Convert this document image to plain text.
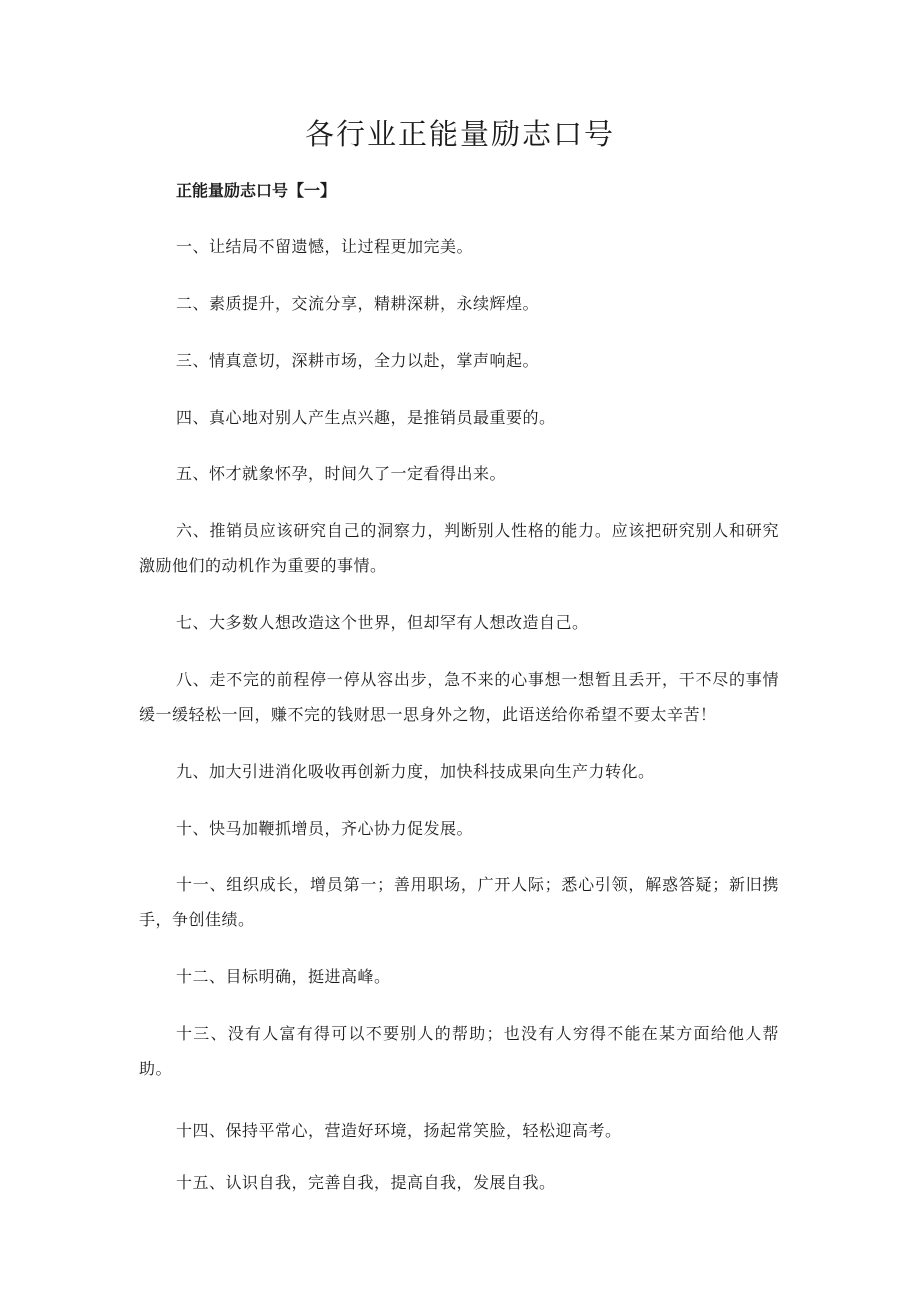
各行业正能量励志口号
正能量励志口号【一】

一、让结局不留遗憾，让过程更加完美。

二、素质提升，交流分享，精耕深耕，永续辉煌。

三、情真意切，深耕市场，全力以赴，掌声响起。

四、真心地对别人产生点兴趣，是推销员最重要的。

五、怀才就象怀孕，时间久了一定看得出来。

六、推销员应该研究自己的洞察力，判断别人性格的能力。应该把研究别人和研究激励他们的动机作为重要的事情。

七、大多数人想改造这个世界，但却罕有人想改造自己。

八、走不完的前程停一停从容出步，急不来的心事想一想暂且丢开，干不尽的事情缓一缓轻松一回，赚不完的钱财思一思身外之物，此语送给你希望不要太辛苦！

九、加大引进消化吸收再创新力度，加快科技成果向生产力转化。

十、快马加鞭抓增员，齐心协力促发展。

十一、组织成长，增员第一；善用职场，广开人际；悉心引领，解惑答疑；新旧携手，争创佳绩。

十二、目标明确，挺进高峰。

十三、没有人富有得可以不要别人的帮助；也没有人穷得不能在某方面给他人帮助。

十四、保持平常心，营造好环境，扬起常笑脸，轻松迎高考。

十五、认识自我，完善自我，提高自我，发展自我。
